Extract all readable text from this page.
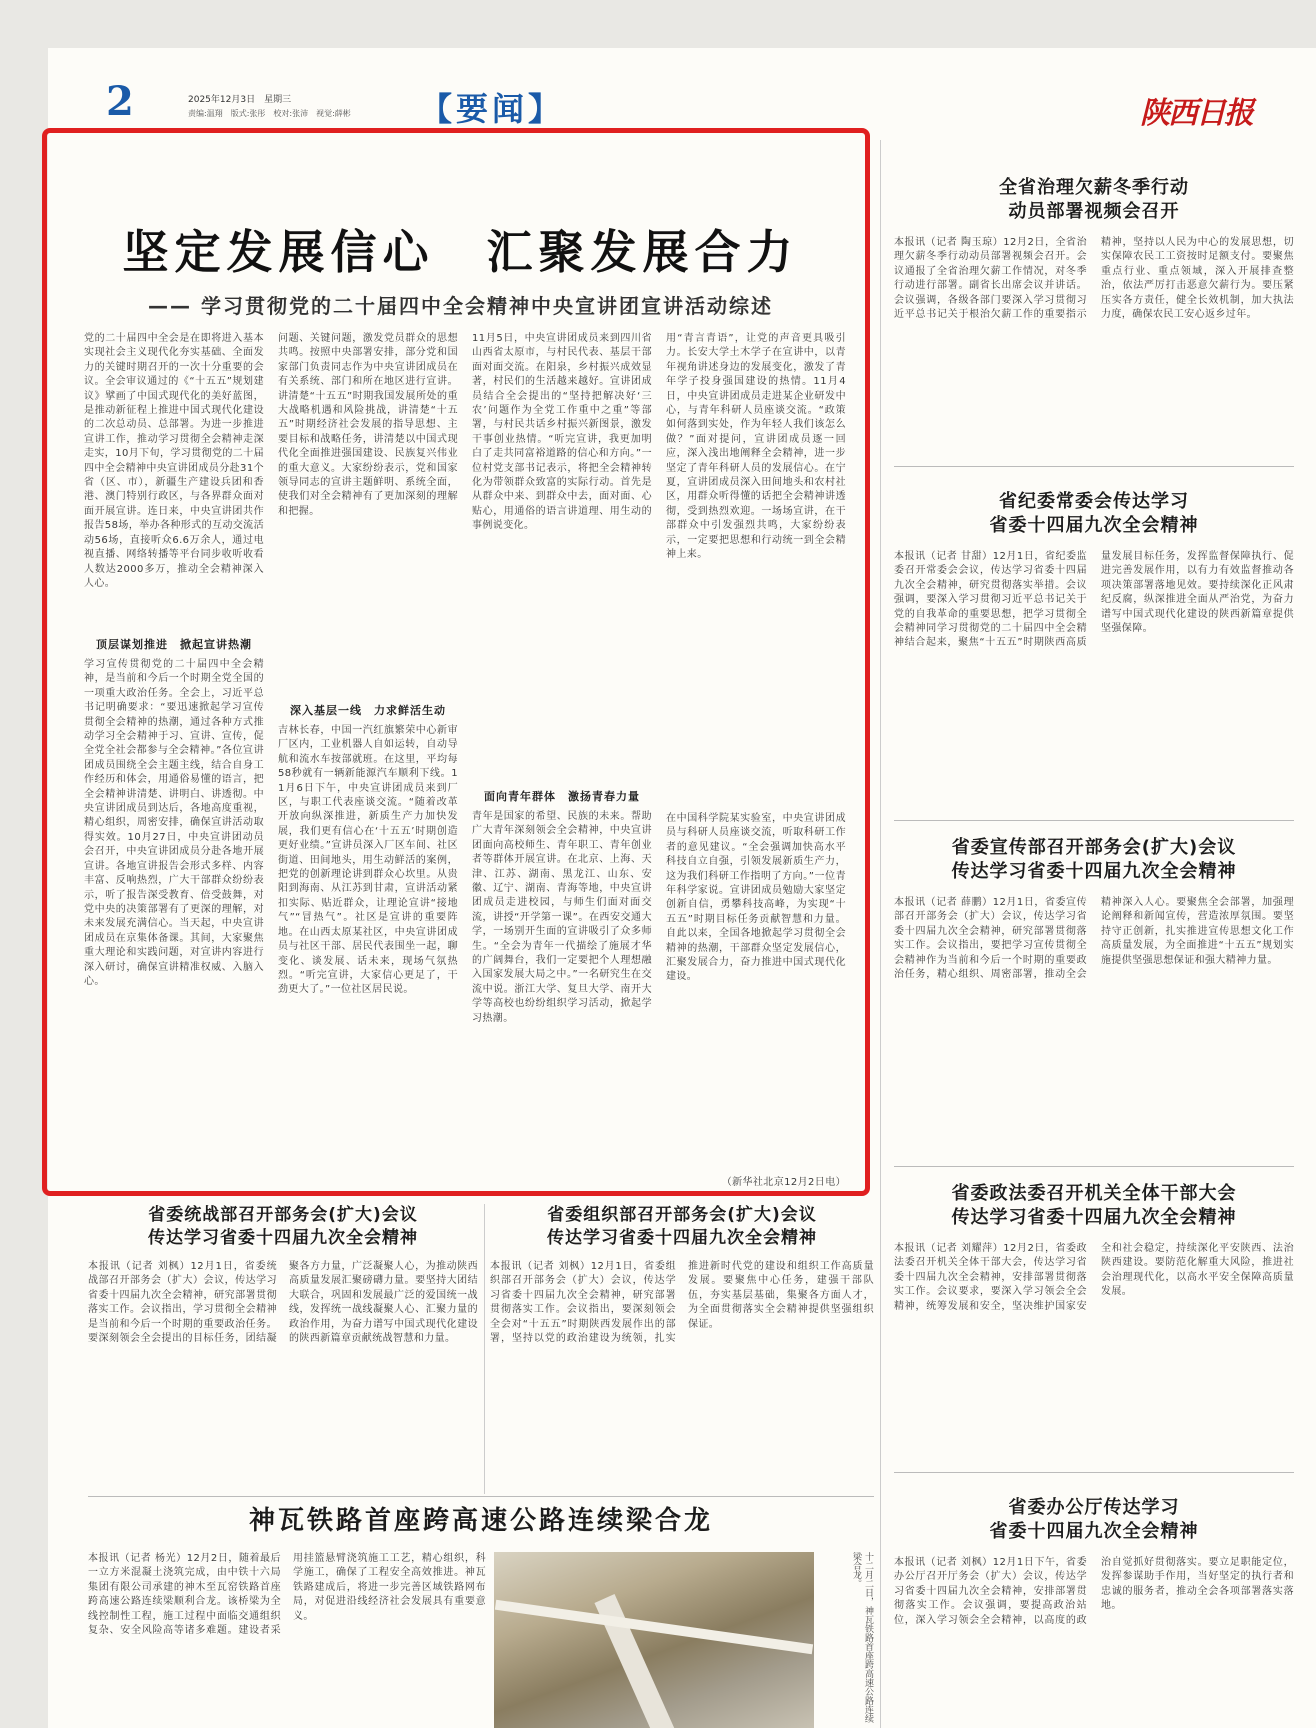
2	2025年12月3日　星期三
责编:温翔　版式:张彤　校对:张沛　视觉:薛彬 【要闻】	陕西日报
坚定发展信心　汇聚发展合力
—— 学习贯彻党的二十届四中全会精神中央宣讲团宣讲活动综述
党的二十届四中全会是在即将进入基本实现社会主义现代化夯实基础、全面发力的关键时期召开的一次十分重要的会议。全会审议通过的《“十五五”规划建议》擘画了中国式现代化的美好蓝图，是推动新征程上推进中国式现代化建设的二次总动员、总部署。为进一步推进宣讲工作，推动学习贯彻全会精神走深走实，10月下旬，学习贯彻党的二十届四中全会精神中央宣讲团成员分赴31个省（区、市），新疆生产建设兵团和香港、澳门特别行政区，与各界群众面对面开展宣讲。连日来，中央宣讲团共作报告58场，举办各种形式的互动交流活动56场，直接听众6.6万余人，通过电视直播、网络转播等平台同步收听收看人数达2000多万，推动全会精神深入人心。
顶层谋划推进　掀起宣讲热潮
学习宣传贯彻党的二十届四中全会精神，是当前和今后一个时期全党全国的一项重大政治任务。全会上，习近平总书记明确要求：“要迅速掀起学习宣传贯彻全会精神的热潮，通过各种方式推动学习全会精神于习、宣讲、宣传，促全党全社会都参与全会精神。”各位宣讲团成员围绕全会主题主线，结合自身工作经历和体会，用通俗易懂的语言，把全会精神讲清楚、讲明白、讲透彻。中央宣讲团成员到达后，各地高度重视，精心组织，周密安排，确保宣讲活动取得实效。10月27日，中央宣讲团动员会召开，中央宣讲团成员分赴各地开展宣讲。各地宣讲报告会形式多样、内容丰富、反响热烈，广大干部群众纷纷表示，听了报告深受教育、倍受鼓舞，对党中央的决策部署有了更深的理解，对未来发展充满信心。当天起，中央宣讲团成员在京集体备课。其间，大家聚焦重大理论和实践问题，对宣讲内容进行深入研讨，确保宣讲精准权威、入脑入心。
问题、关键问题，激发党员群众的思想共鸣。按照中央部署安排，部分党和国家部门负责同志作为中央宣讲团成员在有关系统、部门和所在地区进行宣讲。讲清楚“十五五”时期我国发展所处的重大战略机遇和风险挑战，讲清楚“十五五”时期经济社会发展的指导思想、主要目标和战略任务，讲清楚以中国式现代化全面推进强国建设、民族复兴伟业的重大意义。大家纷纷表示，党和国家领导同志的宣讲主题鲜明、系统全面，使我们对全会精神有了更加深刻的理解和把握。
深入基层一线　力求鲜活生动
吉林长春，中国一汽红旗繁荣中心新审厂区内，工业机器人自如运转，自动导航和流水车按部就班。在这里，平均每58秒就有一辆新能源汽车顺利下线。11月6日下午，中央宣讲团成员来到厂区，与职工代表座谈交流。“随着改革开放向纵深推进，新质生产力加快发展，我们更有信心在‘十五五’时期创造更好业绩。”宣讲员深入厂区车间、社区街道、田间地头，用生动鲜活的案例，把党的创新理论讲到群众心坎里。从贵阳到海南、从江苏到甘肃，宣讲活动紧扣实际、贴近群众，让理论宣讲“接地气”“冒热气”。社区是宣讲的重要阵地。在山西太原某社区，中央宣讲团成员与社区干部、居民代表围坐一起，聊变化、谈发展、话未来，现场气氛热烈。“听完宣讲，大家信心更足了，干劲更大了。”一位社区居民说。
11月5日，中央宣讲团成员来到四川省山西省太原市，与村民代表、基层干部面对面交流。在阳泉，乡村振兴成效显著，村民们的生活越来越好。宣讲团成员结合全会提出的“坚持把解决好‘三农’问题作为全党工作重中之重”等部署，与村民共话乡村振兴新图景，激发干事创业热情。“听完宣讲，我更加明白了走共同富裕道路的信心和方向。”一位村党支部书记表示，将把全会精神转化为带领群众致富的实际行动。首先是从群众中来、到群众中去，面对面、心贴心，用通俗的语言讲道理、用生动的事例说变化。
面向青年群体　激扬青春力量
青年是国家的希望、民族的未来。帮助广大青年深刻领会全会精神，中央宣讲团面向高校师生、青年职工、青年创业者等群体开展宣讲。在北京、上海、天津、江苏、湖南、黑龙江、山东、安徽、辽宁、湖南、青海等地，中央宣讲团成员走进校园，与师生们面对面交流，讲授“开学第一课”。在西安交通大学，一场别开生面的宣讲吸引了众多师生。“全会为青年一代描绘了施展才华的广阔舞台，我们一定要把个人理想融入国家发展大局之中。”一名研究生在交流中说。浙江大学、复旦大学、南开大学等高校也纷纷组织学习活动，掀起学习热潮。
用“青言青语”，让党的声音更具吸引力。长安大学土木学子在宣讲中，以青年视角讲述身边的发展变化，激发了青年学子投身强国建设的热情。11月4日，中央宣讲团成员走进某企业研发中心，与青年科研人员座谈交流。“政策如何落到实处，作为年轻人我们该怎么做？”面对提问，宣讲团成员逐一回应，深入浅出地阐释全会精神，进一步坚定了青年科研人员的发展信心。在宁夏，宣讲团成员深入田间地头和农村社区，用群众听得懂的话把全会精神讲透彻，受到热烈欢迎。一场场宣讲，在干部群众中引发强烈共鸣，大家纷纷表示，一定要把思想和行动统一到全会精神上来。
在中国科学院某实验室，中央宣讲团成员与科研人员座谈交流，听取科研工作者的意见建议。“全会强调加快高水平科技自立自强，引领发展新质生产力，这为我们科研工作指明了方向。”一位青年科学家说。宣讲团成员勉励大家坚定创新自信，勇攀科技高峰，为实现“十五五”时期目标任务贡献智慧和力量。自此以来，全国各地掀起学习贯彻全会精神的热潮，干部群众坚定发展信心，汇聚发展合力，奋力推进中国式现代化建设。
（新华社北京12月2日电）
全省治理欠薪冬季行动
动员部署视频会召开
本报讯（记者 陶玉琼）12月2日，全省治理欠薪冬季行动动员部署视频会召开。会议通报了全省治理欠薪工作情况，对冬季行动进行部署。副省长出席会议并讲话。会议强调，各级各部门要深入学习贯彻习近平总书记关于根治欠薪工作的重要指示精神，坚持以人民为中心的发展思想，切实保障农民工工资按时足额支付。要聚焦重点行业、重点领域，深入开展排查整治，依法严厉打击恶意欠薪行为。要压紧压实各方责任，健全长效机制，加大执法力度，确保农民工安心返乡过年。
省纪委常委会传达学习
省委十四届九次全会精神
本报讯（记者 甘甜）12月1日，省纪委监委召开常委会会议，传达学习省委十四届九次全会精神，研究贯彻落实举措。会议强调，要深入学习贯彻习近平总书记关于党的自我革命的重要思想，把学习贯彻全会精神同学习贯彻党的二十届四中全会精神结合起来，聚焦“十五五”时期陕西高质量发展目标任务，发挥监督保障执行、促进完善发展作用，以有力有效监督推动各项决策部署落地见效。要持续深化正风肃纪反腐，纵深推进全面从严治党，为奋力谱写中国式现代化建设的陕西新篇章提供坚强保障。
省委宣传部召开部务会(扩大)会议
传达学习省委十四届九次全会精神
本报讯（记者 薛鹏）12月1日，省委宣传部召开部务会（扩大）会议，传达学习省委十四届九次全会精神，研究部署贯彻落实工作。会议指出，要把学习宣传贯彻全会精神作为当前和今后一个时期的重要政治任务，精心组织、周密部署，推动全会精神深入人心。要聚焦全会部署，加强理论阐释和新闻宣传，营造浓厚氛围。要坚持守正创新，扎实推进宣传思想文化工作高质量发展，为全面推进“十五五”规划实施提供坚强思想保证和强大精神力量。
省委政法委召开机关全体干部大会
传达学习省委十四届九次全会精神
本报讯（记者 刘耀萍）12月2日，省委政法委召开机关全体干部大会，传达学习省委十四届九次全会精神，安排部署贯彻落实工作。会议要求，要深入学习领会全会精神，统筹发展和安全，坚决维护国家安全和社会稳定，持续深化平安陕西、法治陕西建设。要防范化解重大风险，推进社会治理现代化，以高水平安全保障高质量发展。
省委办公厅传达学习
省委十四届九次全会精神
本报讯（记者 刘枫）12月1日下午，省委办公厅召开厅务会（扩大）会议，传达学习省委十四届九次全会精神，安排部署贯彻落实工作。会议强调，要提高政治站位，深入学习领会全会精神，以高度的政治自觉抓好贯彻落实。要立足职能定位，发挥参谋助手作用，当好坚定的执行者和忠诚的服务者，推动全会各项部署落实落地。
省委统战部召开部务会(扩大)会议
传达学习省委十四届九次全会精神
本报讯（记者 刘枫）12月1日，省委统战部召开部务会（扩大）会议，传达学习省委十四届九次全会精神，研究部署贯彻落实工作。会议指出，学习贯彻全会精神是当前和今后一个时期的重要政治任务。要深刻领会全会提出的目标任务，团结凝聚各方力量，广泛凝聚人心，为推动陕西高质量发展汇聚磅礴力量。要坚持大团结大联合，巩固和发展最广泛的爱国统一战线，发挥统一战线凝聚人心、汇聚力量的政治作用，为奋力谱写中国式现代化建设的陕西新篇章贡献统战智慧和力量。
省委组织部召开部务会(扩大)会议
传达学习省委十四届九次全会精神
本报讯（记者 刘枫）12月1日，省委组织部召开部务会（扩大）会议，传达学习省委十四届九次全会精神，研究部署贯彻落实工作。会议指出，要深刻领会全会对“十五五”时期陕西发展作出的部署，坚持以党的政治建设为统领，扎实推进新时代党的建设和组织工作高质量发展。要聚焦中心任务，建强干部队伍，夯实基层基础，集聚各方面人才，为全面贯彻落实全会精神提供坚强组织保证。
神瓦铁路首座跨高速公路连续梁合龙
本报讯（记者 杨光）12月2日，随着最后一立方米混凝土浇筑完成，由中铁十六局集团有限公司承建的神木至瓦窑铁路首座跨高速公路连续梁顺利合龙。该桥梁为全线控制性工程，施工过程中面临交通组织复杂、安全风险高等诸多难题。建设者采用挂篮悬臂浇筑施工工艺，精心组织，科学施工，确保了工程安全高效推进。神瓦铁路建成后，将进一步完善区域铁路网布局，对促进沿线经济社会发展具有重要意义。	十二月二日，神瓦铁路首座跨高速公路连续梁合龙。
